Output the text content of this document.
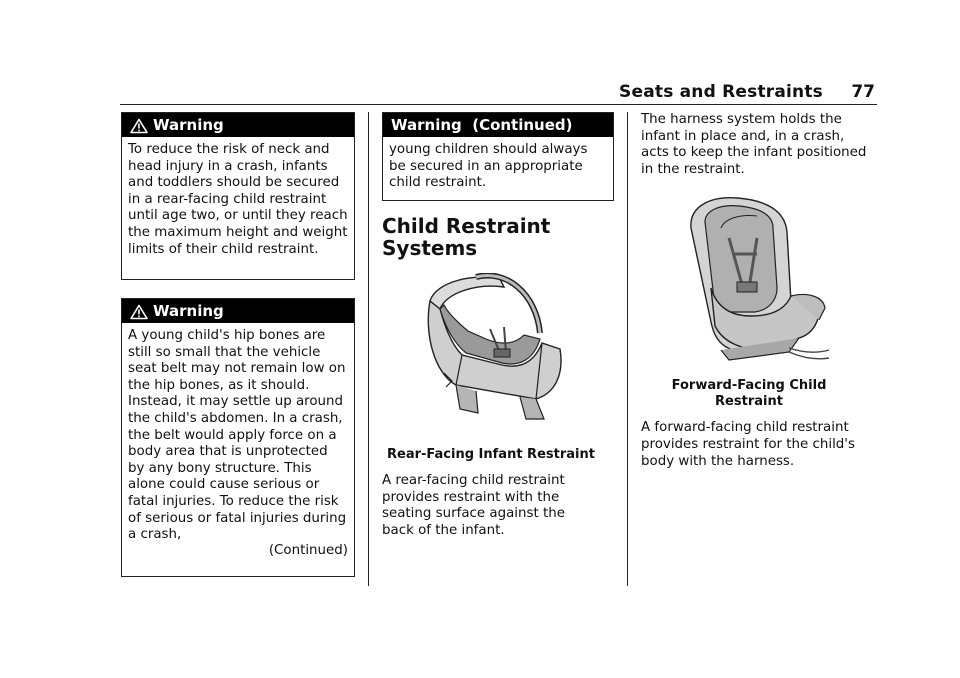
Seats and Restraints 77
Warning
To reduce the risk of neck and head injury in a crash, infants and toddlers should be secured in a rear-facing child restraint until age two, or until they reach the maximum height and weight limits of their child restraint.
Warning
A young child's hip bones are still so small that the vehicle seat belt may not remain low on the hip bones, as it should. Instead, it may settle up around the child's abdomen. In a crash, the belt would apply force on a body area that is unprotected by any bony structure. This alone could cause serious or fatal injuries. To reduce the risk of serious or fatal injuries during a crash,
(Continued)
Warning  (Continued)
young children should always be secured in an appropriate child restraint.
Child Restraint Systems
Rear-Facing Infant Restraint
A rear-facing child restraint provides restraint with the seating surface against the back of the infant.
The harness system holds the infant in place and, in a crash, acts to keep the infant positioned in the restraint.
Forward-Facing Child Restraint
A forward-facing child restraint provides restraint for the child's body with the harness.
